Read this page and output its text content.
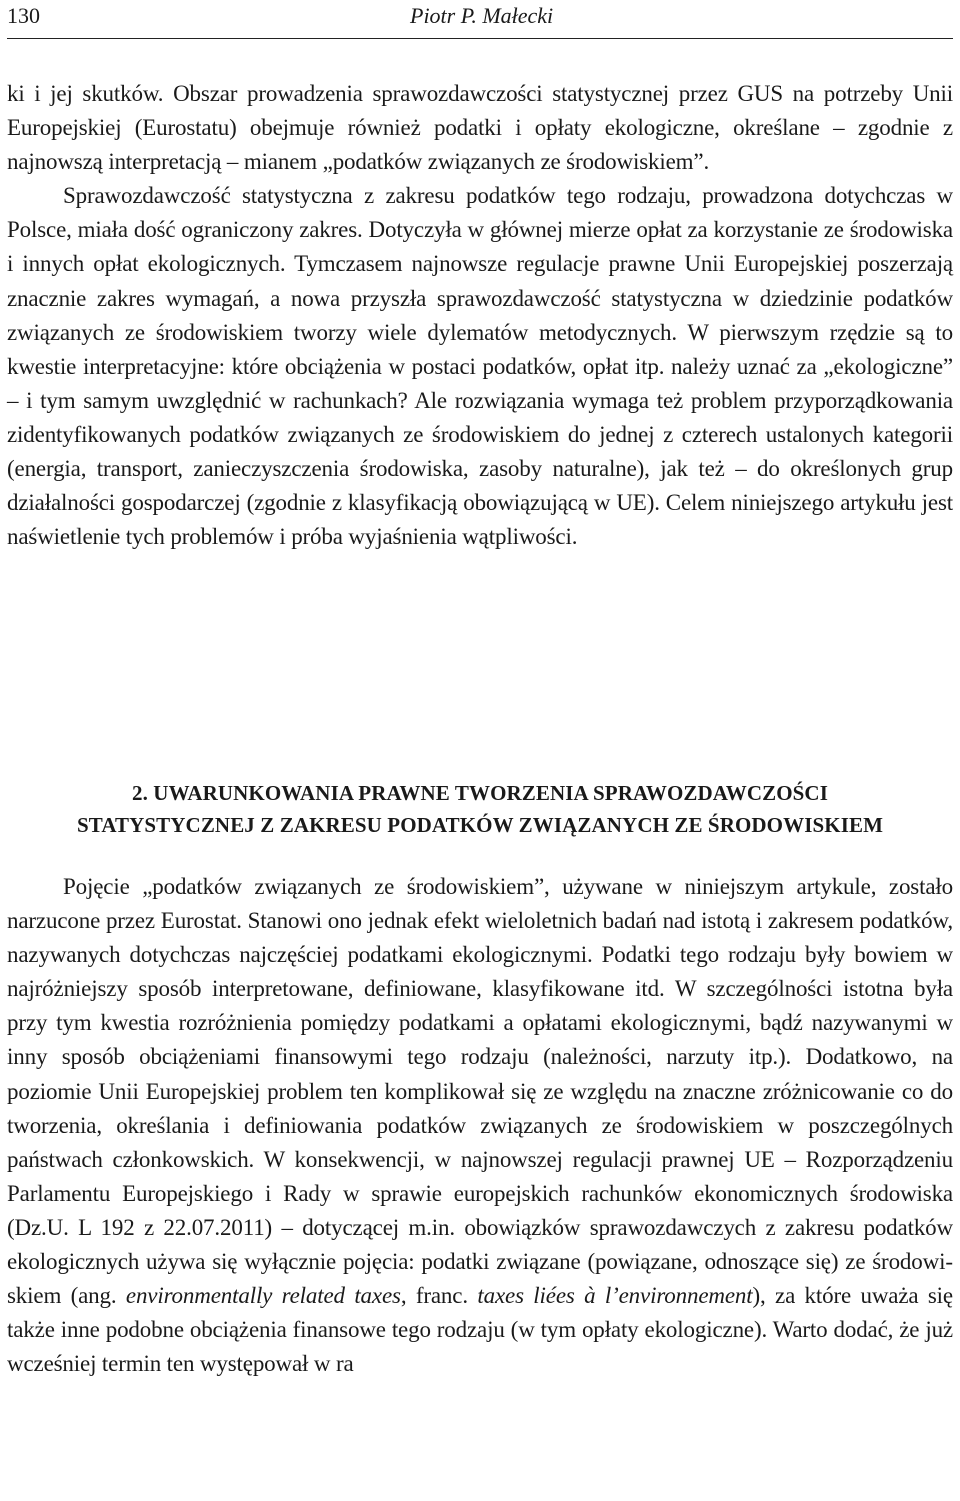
130	Piotr P. Małecki

ki i jej skutków. Obszar prowadzenia sprawozdawczości statystycznej przez GUS na potrzeby Unii Europejskiej (Eurostatu) obejmuje również podatki i opłaty ekologiczne, określane – zgodnie z najnowszą interpretacją – mianem „podatków związanych ze środowiskiem”.

Sprawozdawczość statystyczna z zakresu podatków tego rodzaju, prowadzona dotychczas w Polsce, miała dość ograniczony zakres. Dotyczyła w głównej mierze opłat za korzystanie ze środowiska i innych opłat ekologicznych. Tymczasem najnowsze regulacje prawne Unii Europejskiej poszerzają znacznie zakres wymagań, a nowa przyszła sprawozdawczość statystyczna w dziedzinie podatków związanych ze środowiskiem tworzy wiele dylematów metodycznych. W pierwszym rzędzie są to kwestie interpretacyjne: które obciążenia w postaci podatków, opłat itp. należy uznać za „ekologiczne” – i tym samym uwzględnić w rachunkach? Ale rozwiązania wymaga też problem przyporządkowania zidentyfikowanych podatków związanych ze środowiskiem do jednej z czterech ustalonych kategorii (energia, transport, zanieczyszczenia środowiska, zasoby naturalne), jak też – do określonych grup działalności gospodarczej (zgodnie z klasyfikacją obowiązującą w UE). Celem niniejszego artykułu jest naświetlenie tych problemów i próba wyjaśnienia wątpliwości.

2. UWARUNKOWANIA PRAWNE TWORZENIA SPRAWOZDAWCZOŚCI
STATYSTYCZNEJ Z ZAKRESU PODATKÓW ZWIĄZANYCH ZE ŚRODOWISKIEM

Pojęcie „podatków związanych ze środowiskiem”, używane w niniejszym artykule, zostało narzucone przez Eurostat. Stanowi ono jednak efekt wieloletnich badań nad istotą i zakresem podatków, nazywanych dotychczas najczęściej podatkami ekologicznymi. Podatki tego rodzaju były bowiem w najróżniejszy sposób interpretowane, definiowane, klasyfikowane itd. W szczególności istotna była przy tym kwestia rozróżnienia pomiędzy podatkami a opłatami ekologicznymi, bądź nazywanymi w inny sposób obciążeniami finansowymi tego rodzaju (należności, narzuty itp.). Dodatkowo, na poziomie Unii Europejskiej problem ten komplikował się ze względu na znaczne zróżnicowanie co do tworzenia, określania i definiowania podatków związanych ze środowiskiem w poszczególnych państwach członkowskich. W konsekwencji, w najnowszej regulacji prawnej UE – Rozporządzeniu Parlamentu Europejskiego i Rady w sprawie europejskich rachunków ekonomicznych środowiska (Dz.U. L 192 z 22.07.2011) – dotyczącej m.in. obowiązków sprawozdawczych z zakresu podatków ekologicznych używa się wyłącznie pojęcia: podatki związane (powiązane, odnoszące się) ze środowiskiem (ang. environmentally related taxes, franc. taxes liées à l’environnement), za które uważa się także inne podobne obciążenia finansowe tego rodzaju (w tym opłaty ekologiczne). Warto dodać, że już wcześniej termin ten występował w ra
